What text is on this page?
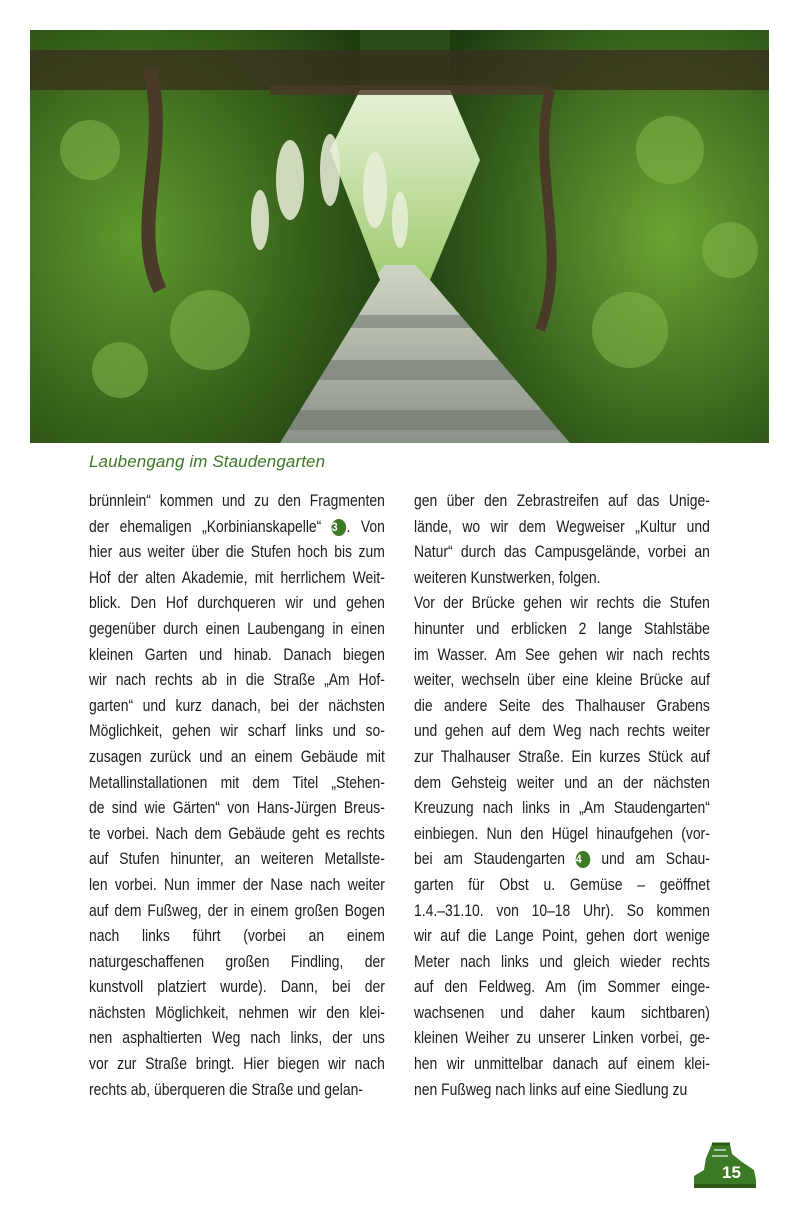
Laubengang im Staudengarten
brünnlein“ kommen und zu den Fragmenten
der ehemaligen „Korbinianskapelle“ 3 . Von
hier aus weiter über die Stufen hoch bis zum
Hof der alten Akademie, mit herrlichem Weit-
blick. Den Hof durchqueren wir und gehen
gegenüber durch einen Laubengang in einen
kleinen Garten und hinab. Danach biegen
wir nach rechts ab in die Straße „Am Hof-
garten“ und kurz danach, bei der nächsten
Möglichkeit, gehen wir scharf links und so-
zusagen zurück und an einem Gebäude mit
Metallinstallationen mit dem Titel „Stehen-
de sind wie Gärten“ von Hans-Jürgen Breus-
te vorbei. Nach dem Gebäude geht es rechts
auf Stufen hinunter, an weiteren Metallste-
len vorbei. Nun immer der Nase nach weiter
auf dem Fußweg, der in einem großen Bogen
nach links führt (vorbei an einem
naturgeschaffenen großen Findling, der
kunstvoll platziert wurde). Dann, bei der
nächsten Möglichkeit, nehmen wir den klei-
nen asphaltierten Weg nach links, der uns
vor zur Straße bringt. Hier biegen wir nach
rechts ab, überqueren die Straße und gelan-
gen über den Zebrastreifen auf das Unige-
lände, wo wir dem Wegweiser „Kultur und
Natur“ durch das Campusgelände, vorbei an
weiteren Kunstwerken, folgen.
Vor der Brücke gehen wir rechts die Stufen
hinunter und erblicken 2 lange Stahlstäbe
im Wasser. Am See gehen wir nach rechts
weiter, wechseln über eine kleine Brücke auf
die andere Seite des Thalhauser Grabens
und gehen auf dem Weg nach rechts weiter
zur Thalhauser Straße. Ein kurzes Stück auf
dem Gehsteig weiter und an der nächsten
Kreuzung nach links in „Am Staudengarten“
einbiegen. Nun den Hügel hinaufgehen (vor-
bei am Staudengarten 4 und am Schau-
garten für Obst u. Gemüse – geöffnet
1.4.–31.10. von 10–18 Uhr). So kommen
wir auf die Lange Point, gehen dort wenige
Meter nach links und gleich wieder rechts
auf den Feldweg. Am (im Sommer einge-
wachsenen und daher kaum sichtbaren)
kleinen Weiher zu unserer Linken vorbei, ge-
hen wir unmittelbar danach auf einem klei-
nen Fußweg nach links auf eine Siedlung zu
15
